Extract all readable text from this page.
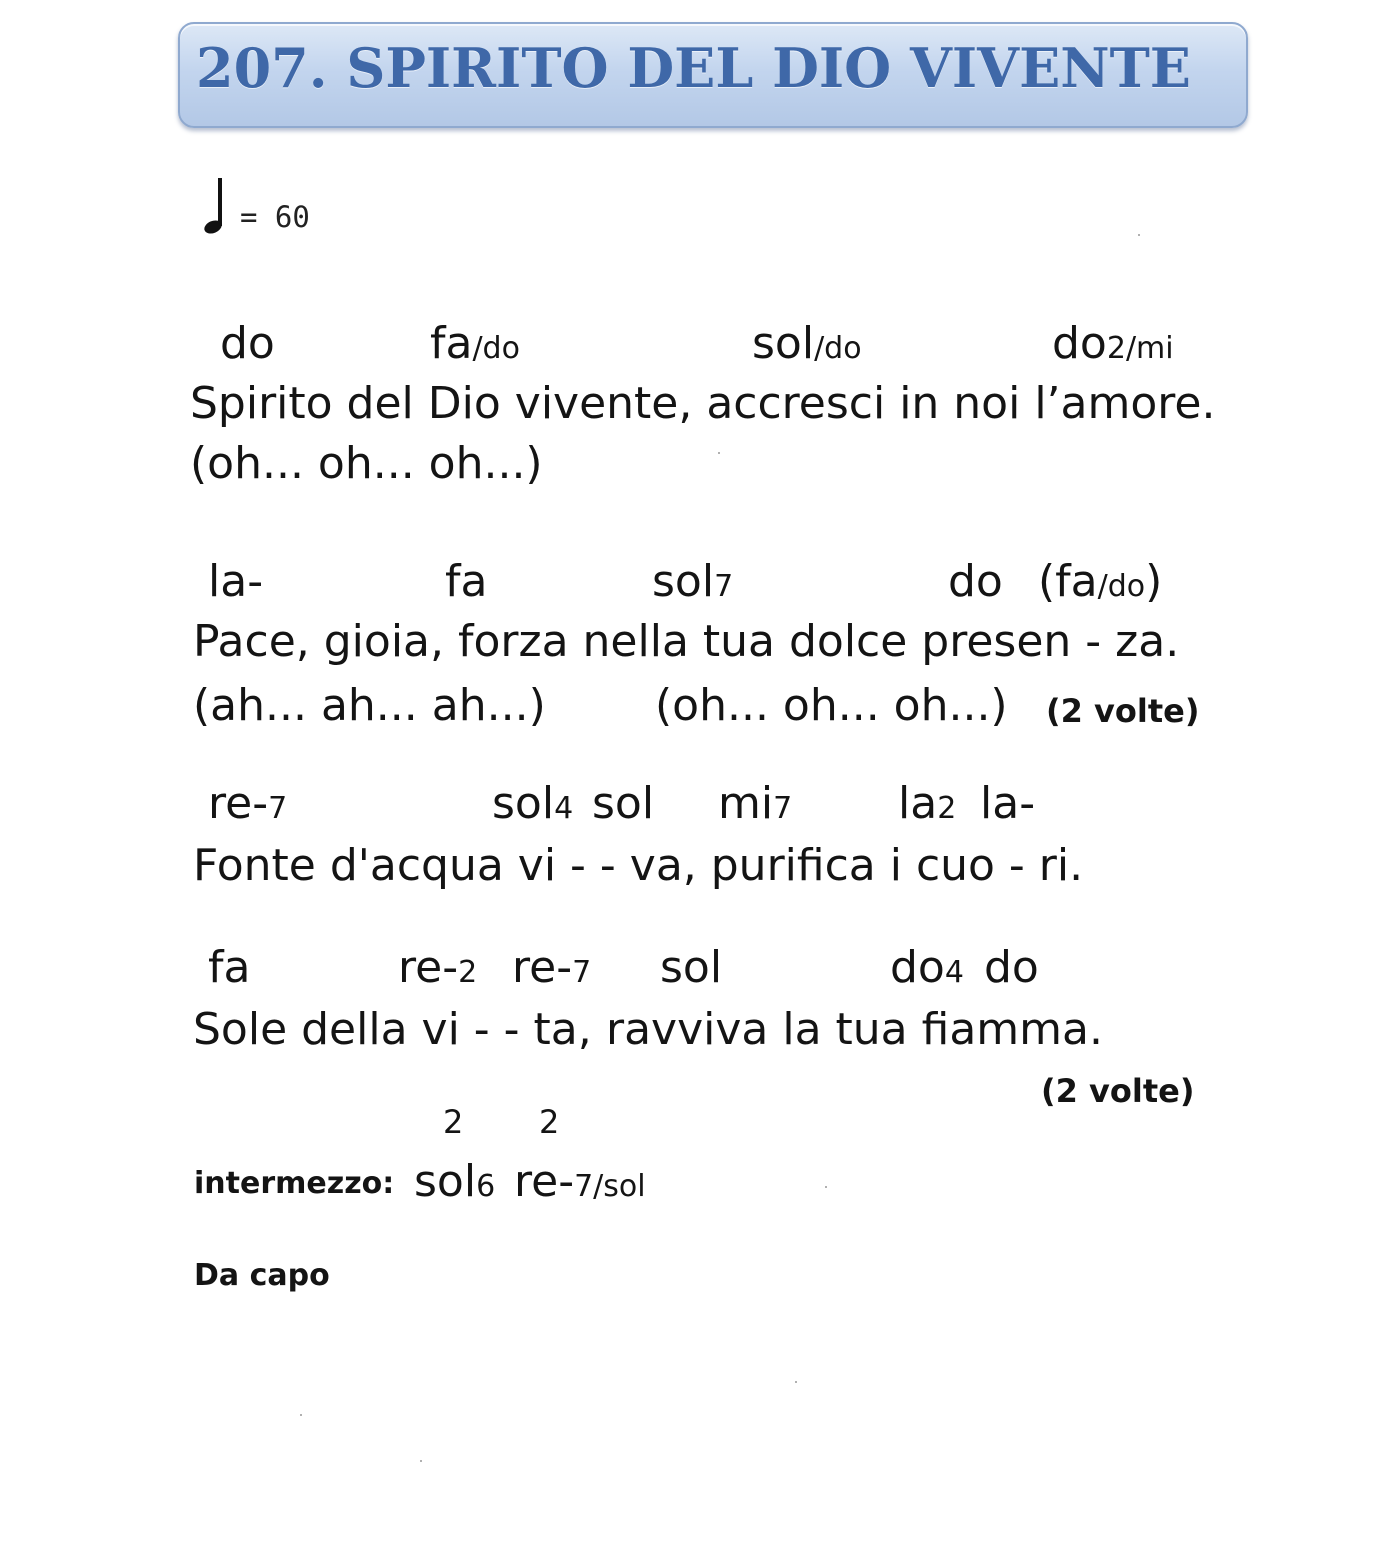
207. SPIRITO DEL DIO VIVENTE
= 60
do	fa/do	sol/do	do2/mi
Spirito del Dio vivente, accresci in noi l’amore.
(oh... oh... oh...)
la-	fa	sol7	do (fa/do)
Pace, gioia, forza nella tua dolce presen - za.
(ah... ah... ah...) (oh... oh... oh...) (2 volte)
re-7	sol4 sol mi7 la2 la-
Fonte d'acqua vi - - va, purifica i cuo - ri.
fa	re-2 re-7 sol	do4 do
Sole della vi - - ta, ravviva la tua fiamma.
(2 volte)
2 2
intermezzo: sol6 re-7/sol
Da capo
